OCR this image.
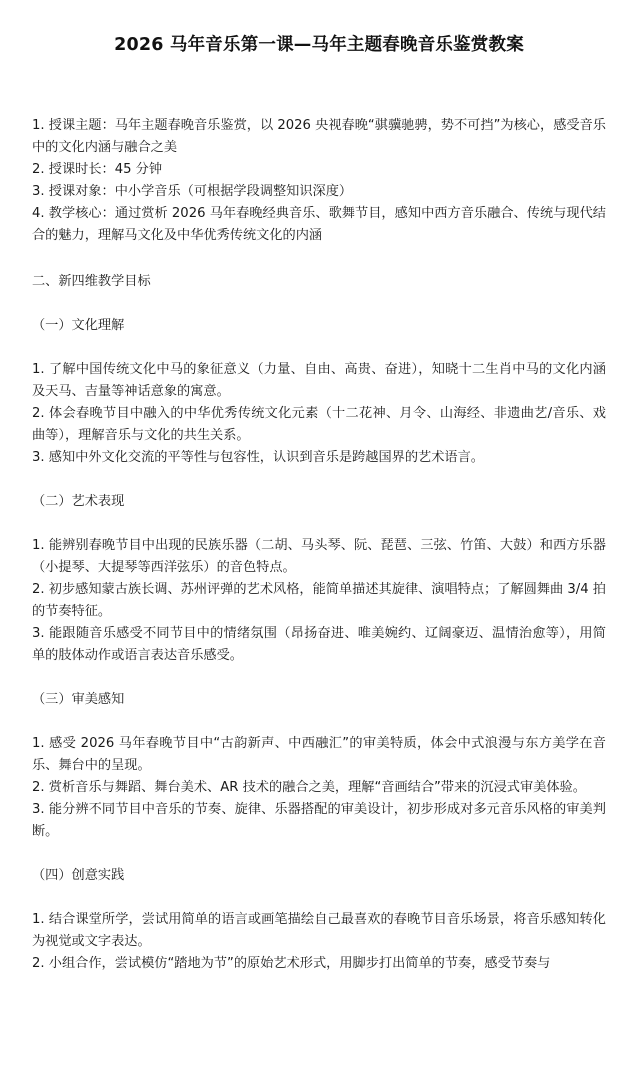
2026 马年音乐第一课—马年主题春晚音乐鉴赏教案

1. 授课主题：马年主题春晚音乐鉴赏，以 2026 央视春晚“骐骥驰骋，势不可挡”为核心，感受音乐中的文化内涵与融合之美

2. 授课时长：45 分钟

3. 授课对象：中小学音乐（可根据学段调整知识深度）

4. 教学核心：通过赏析 2026 马年春晚经典音乐、歌舞节目，感知中西方音乐融合、传统与现代结合的魅力，理解马文化及中华优秀传统文化的内涵

二、新四维教学目标

（一）文化理解

1. 了解中国传统文化中马的象征意义（力量、自由、高贵、奋进），知晓十二生肖中马的文化内涵及天马、吉量等神话意象的寓意。

2. 体会春晚节目中融入的中华优秀传统文化元素（十二花神、月令、山海经、非遗曲艺/音乐、戏曲等），理解音乐与文化的共生关系。

3. 感知中外文化交流的平等性与包容性，认识到音乐是跨越国界的艺术语言。

（二）艺术表现

1. 能辨别春晚节目中出现的民族乐器（二胡、马头琴、阮、琵琶、三弦、竹笛、大鼓）和西方乐器（小提琴、大提琴等西洋弦乐）的音色特点。

2. 初步感知蒙古族长调、苏州评弹的艺术风格，能简单描述其旋律、演唱特点；了解圆舞曲 3/4 拍的节奏特征。

3. 能跟随音乐感受不同节目中的情绪氛围（昂扬奋进、唯美婉约、辽阔豪迈、温情治愈等），用简单的肢体动作或语言表达音乐感受。

（三）审美感知

1. 感受 2026 马年春晚节目中“古韵新声、中西融汇”的审美特质，体会中式浪漫与东方美学在音乐、舞台中的呈现。

2. 赏析音乐与舞蹈、舞台美术、AR 技术的融合之美，理解“音画结合”带来的沉浸式审美体验。

3. 能分辨不同节目中音乐的节奏、旋律、乐器搭配的审美设计，初步形成对多元音乐风格的审美判断。

（四）创意实践

1. 结合课堂所学，尝试用简单的语言或画笔描绘自己最喜欢的春晚节目音乐场景，将音乐感知转化为视觉或文字表达。

2. 小组合作，尝试模仿“踏地为节”的原始艺术形式，用脚步打出简单的节奏，感受节奏与
